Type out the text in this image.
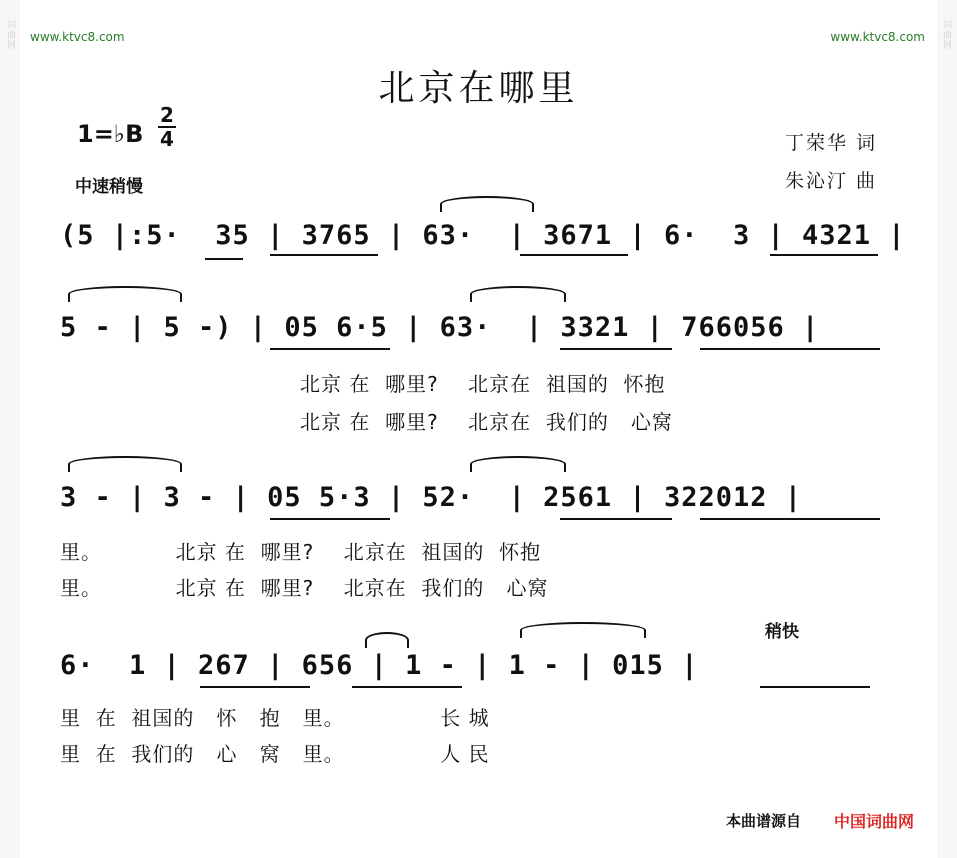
词曲网	词曲网
www.ktvc8.com	www.ktvc8.com
北京在哪里
1=♭B
2
4
中速稍慢
丁荣华 词
朱沁汀 曲
(5 |:5·  35 | 3765 | 63·  | 3671 | 6·  3 | 4321 |
5 - | 5 -) | 05 6·5 | 63·  | 3321 | 766056 |
北京 在  哪里?    北京在  祖国的  怀抱
北京 在  哪里?    北京在  我们的   心窝
3 - | 3 - | 05 5·3 | 52·  | 2561 | 322012 |
里。          北京 在  哪里?    北京在  祖国的  怀抱
里。          北京 在  哪里?    北京在  我们的   心窝
稍快
6·  1 | 267 | 656 | 1 - | 1 - | 015 |
里  在  祖国的   怀   抱   里。             长 城
里  在  我们的   心   窝   里。             人 民
本曲谱源自 中国词曲网
